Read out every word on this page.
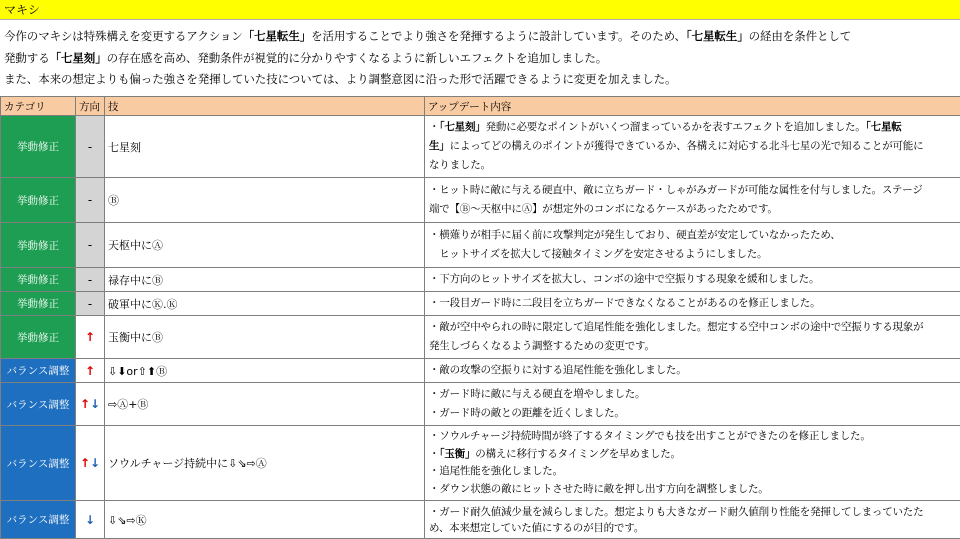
マキシ

今作のマキシは特殊構えを変更するアクション「七星転生」を活用することでより強さを発揮するように設計しています。そのため、「七星転生」の経由を条件として

発動する「七星刻」の存在感を高め、発動条件が視覚的に分かりやすくなるように新しいエフェクトを追加しました。

また、本来の想定よりも偏った強さを発揮していた技については、より調整意図に沿った形で活躍できるように変更を加えました。

カテゴリ	方向	技	アップデート内容
挙動修正	-	七星刻	・「七星刻」発動に必要なポイントがいくつ溜まっているかを表すエフェクトを追加しました。「七星転
生」によってどの構えのポイントが獲得できているか、各構えに対応する北斗七星の光で知ることが可能に
なりました。

挙動修正	-	Ⓑ	・ヒット時に敵に与える硬直中、敵に立ちガード・しゃがみガードが可能な属性を付与しました。ステージ
端で【Ⓑ～天枢中にⒶ】が想定外のコンボになるケースがあったためです。

挙動修正	-	天枢中にⒶ	・横薙りが相手に届く前に攻撃判定が発生しており、硬直差が安定していなかったため、
　ヒットサイズを拡大して接触タイミングを安定させるようにしました。

挙動修正	-	禄存中にⒷ	・下方向のヒットサイズを拡大し、コンボの途中で空振りする現象を緩和しました。

挙動修正	-	破軍中にⓀ.Ⓚ	・一段目ガード時に二段目を立ちガードできなくなることがあるのを修正しました。

挙動修正	↑	玉衡中にⒷ	・敵が空中やられの時に限定して追尾性能を強化しました。想定する空中コンボの途中で空振りする現象が
発生しづらくなるよう調整するための変更です。

バランス調整	↑	⇩⬇or⇧⬆Ⓑ	・敵の攻撃の空振りに対する追尾性能を強化しました。

バランス調整	↑↓	⇨Ⓐ+Ⓑ	・ガード時に敵に与える硬直を増やしました。
・ガード時の敵との距離を近くしました。

バランス調整	↑↓	ソウルチャージ持続中に⇩⇘⇨Ⓐ	・ソウルチャージ持続時間が終了するタイミングでも技を出すことができたのを修正しました。
・「玉衡」の構えに移行するタイミングを早めました。
・追尾性能を強化しました。
・ダウン状態の敵にヒットさせた時に敵を押し出す方向を調整しました。

バランス調整	↓	⇩⇘⇨Ⓚ	・ガード耐久値減少量を減らしました。想定よりも大きなガード耐久値削り性能を発揮してしまっていたた
め、本来想定していた値にするのが目的です。
